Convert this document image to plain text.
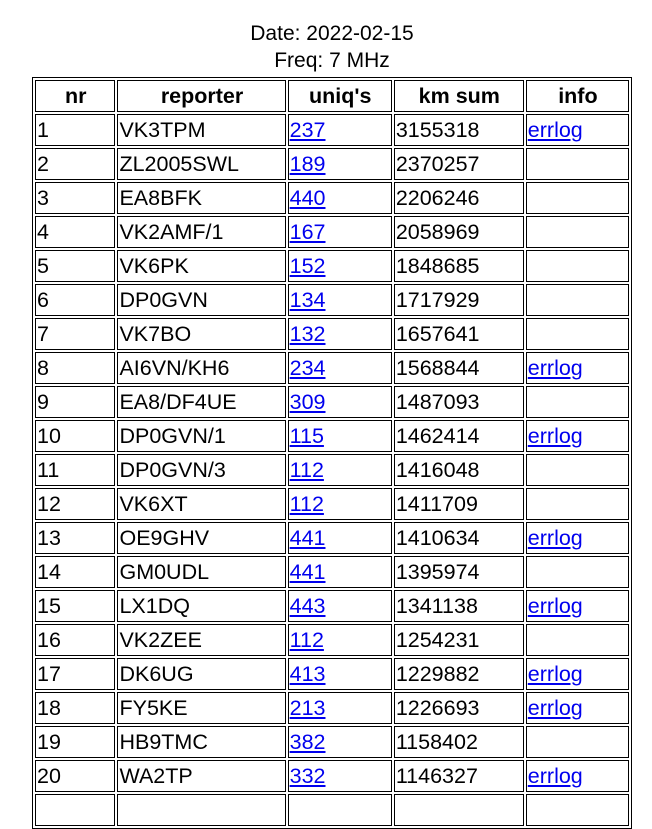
Date: 2022-02-15
Freq: 7 MHz
nr	reporter	uniq's	km sum	info
1	VK3TPM	237	3155318	errlog
2	ZL2005SWL	189	2370257	
3	EA8BFK	440	2206246	
4	VK2AMF/1	167	2058969	
5	VK6PK	152	1848685	
6	DP0GVN	134	1717929	
7	VK7BO	132	1657641	
8	AI6VN/KH6	234	1568844	errlog
9	EA8/DF4UE	309	1487093	
10	DP0GVN/1	115	1462414	errlog
11	DP0GVN/3	112	1416048	
12	VK6XT	112	1411709	
13	OE9GHV	441	1410634	errlog
14	GM0UDL	441	1395974	
15	LX1DQ	443	1341138	errlog
16	VK2ZEE	112	1254231	
17	DK6UG	413	1229882	errlog
18	FY5KE	213	1226693	errlog
19	HB9TMC	382	1158402	
20	WA2TP	332	1146327	errlog
